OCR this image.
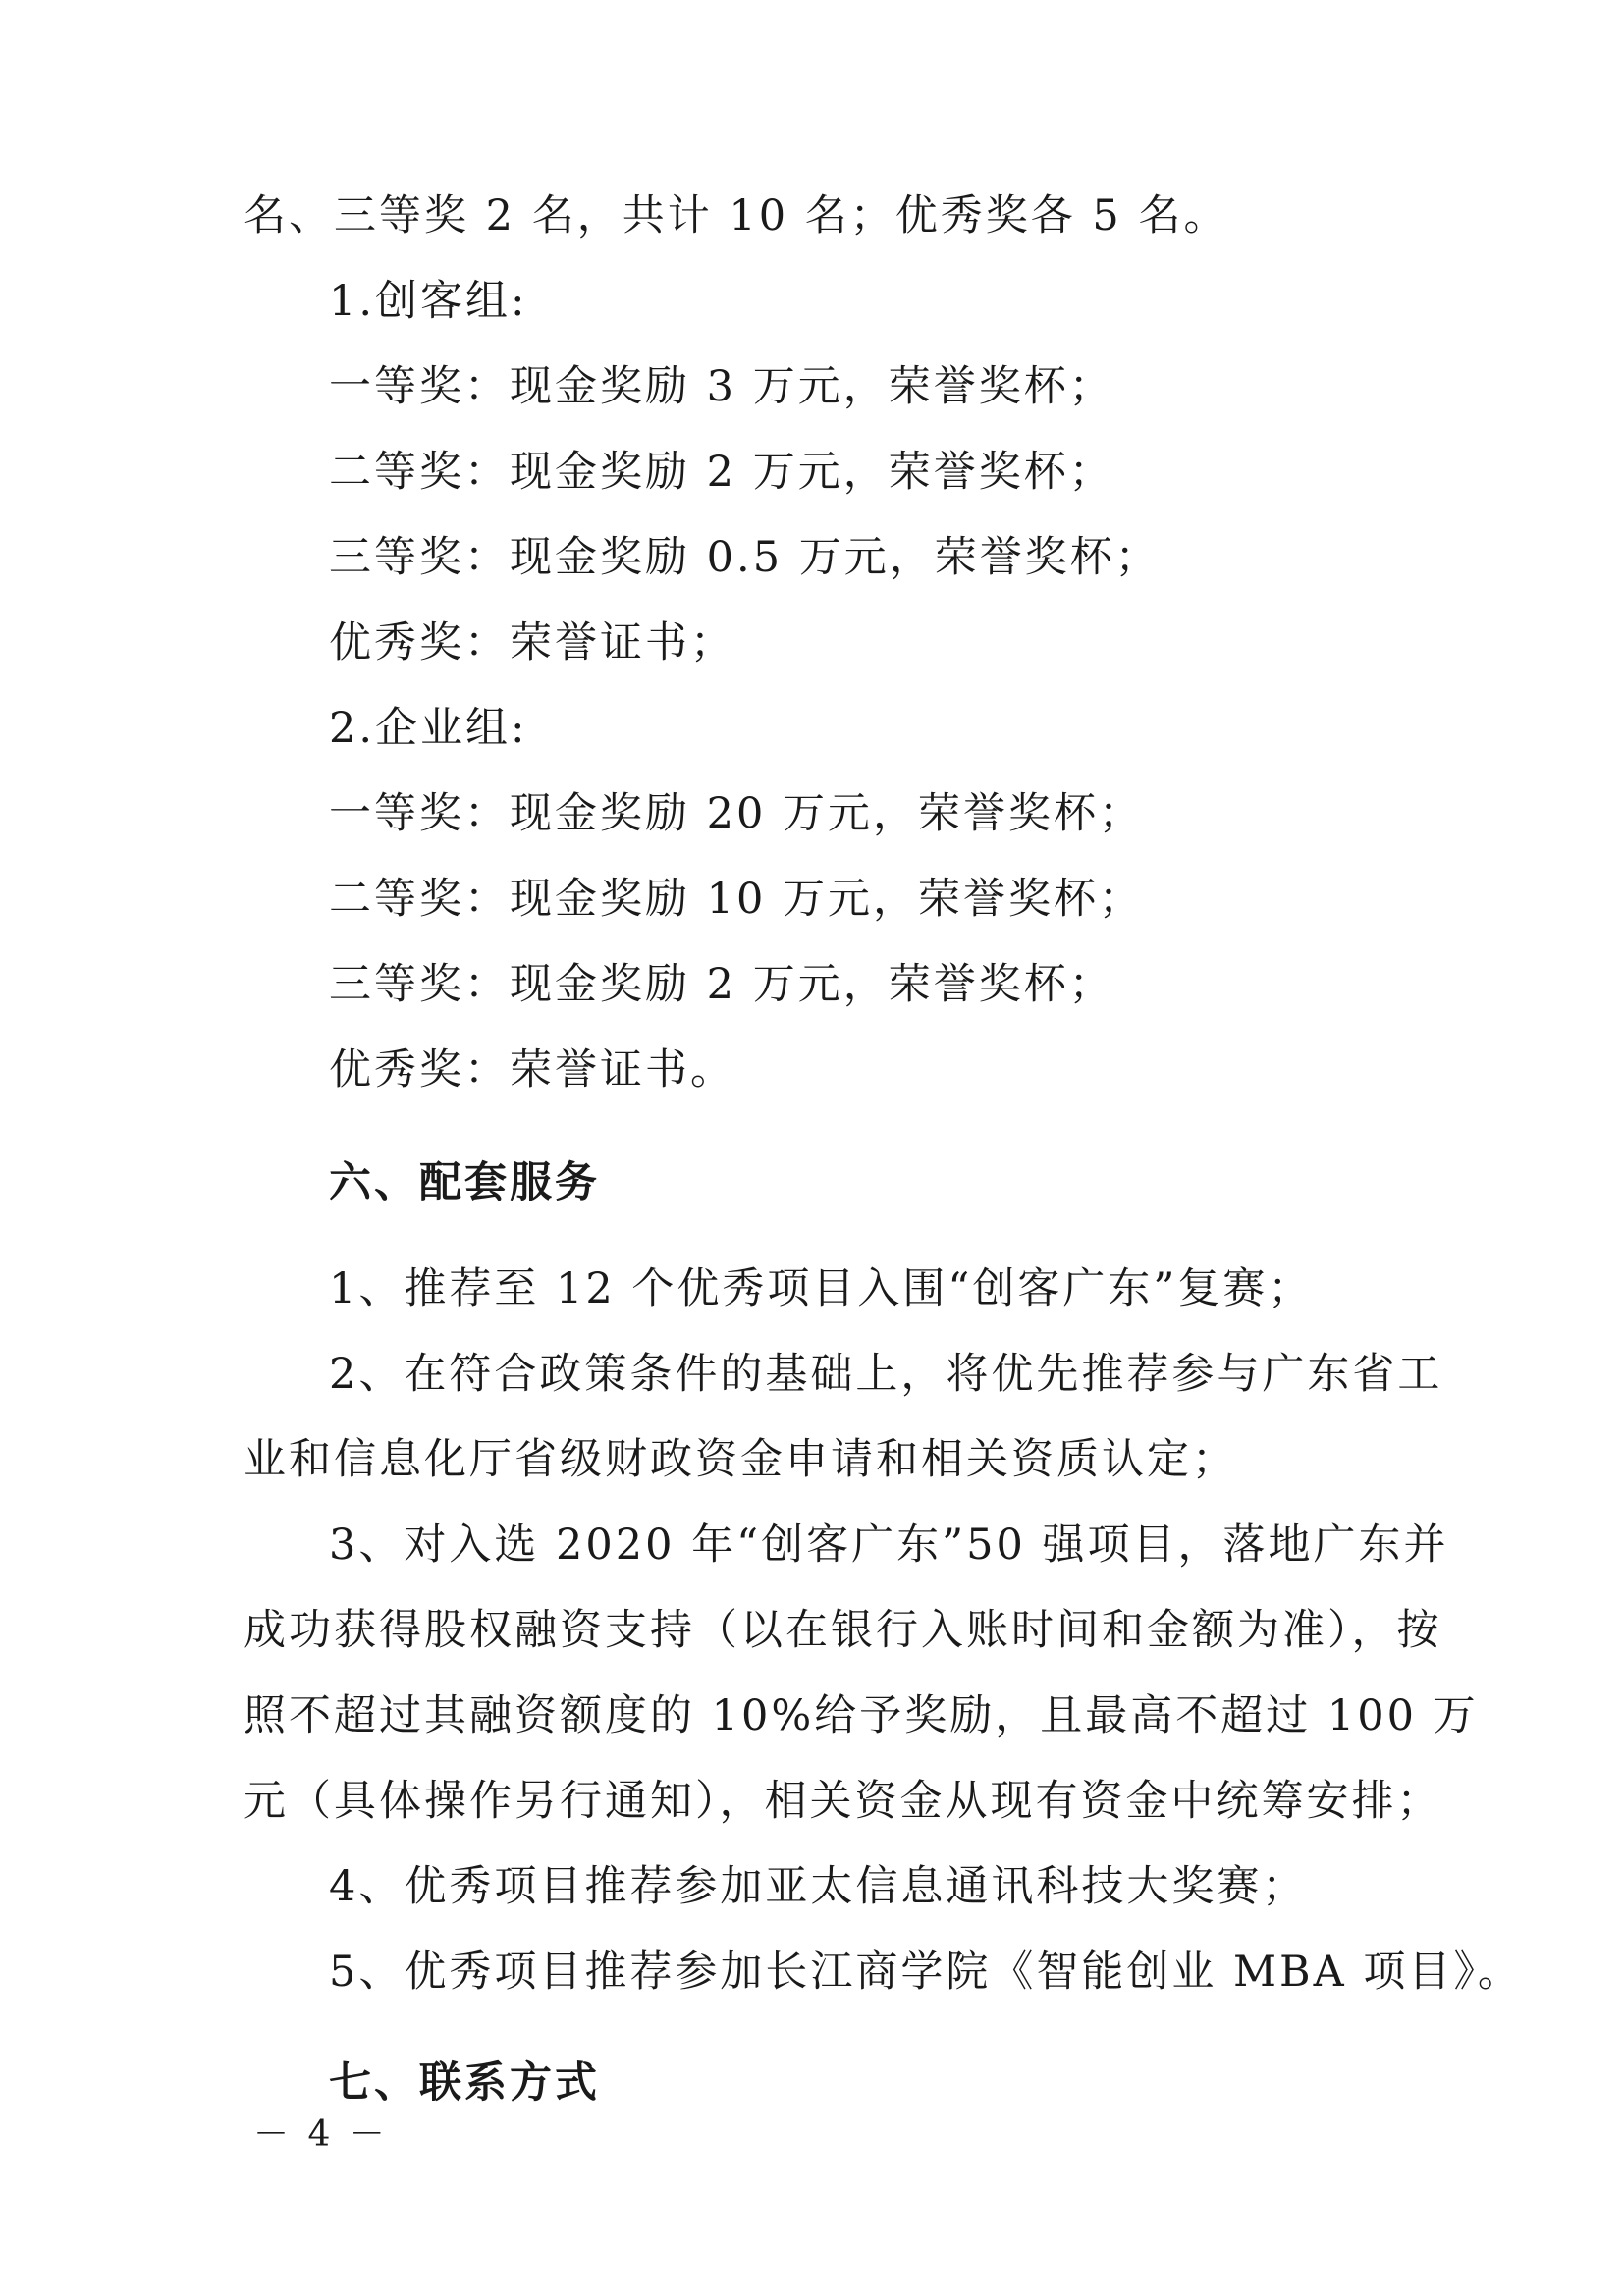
名、三等奖 2 名，共计 10 名；优秀奖各 5 名。
1.创客组:
一等奖：现金奖励 3 万元，荣誉奖杯；
二等奖：现金奖励 2 万元，荣誉奖杯；
三等奖：现金奖励 0.5 万元，荣誉奖杯；
优秀奖：荣誉证书；
2.企业组:
一等奖：现金奖励 20 万元，荣誉奖杯；
二等奖：现金奖励 10 万元，荣誉奖杯；
三等奖：现金奖励 2 万元，荣誉奖杯；
优秀奖：荣誉证书。
六、配套服务
1、推荐至 12 个优秀项目入围“创客广东”复赛；
2、在符合政策条件的基础上，将优先推荐参与广东省工
业和信息化厅省级财政资金申请和相关资质认定；
3、对入选 2020 年“创客广东”50 强项目，落地广东并
成功获得股权融资支持（以在银行入账时间和金额为准），按
照不超过其融资额度的 10%给予奖励，且最高不超过 100 万
元（具体操作另行通知），相关资金从现有资金中统筹安排；
4、优秀项目推荐参加亚太信息通讯科技大奖赛；
5、优秀项目推荐参加长江商学院《智能创业 MBA 项目》。
七、联系方式
－ 4 －
